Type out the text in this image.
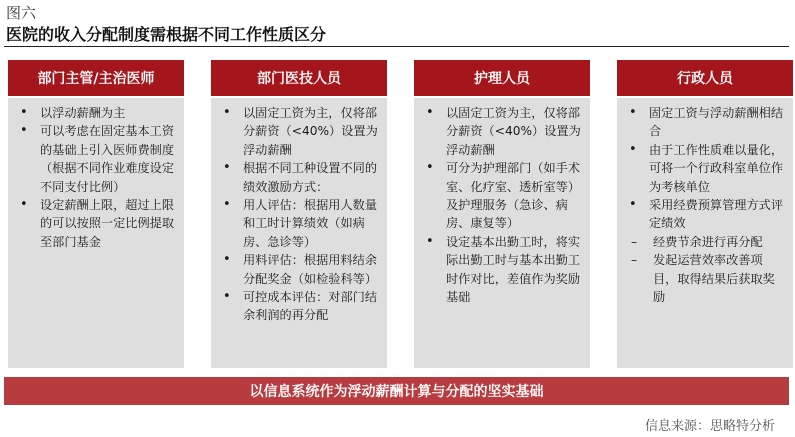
图六
医院的收入分配制度需根据不同工作性质区分
部门主管/主治医师
• 以浮动薪酬为主
• 可以考虑在固定基本工资的基础上引入医师费制度（根据不同作业难度设定不同支付比例）
• 设定薪酬上限，超过上限的可以按照一定比例提取至部门基金
部门医技人员
• 以固定工资为主，仅将部分薪资（<40%）设置为浮动薪酬
• 根据不同工种设置不同的绩效激励方式：
• 用人评估：根据用人数量和工时计算绩效（如病房、急诊等）
• 用料评估：根据用料结余分配奖金（如检验科等）
• 可控成本评估：对部门结余利润的再分配
护理人员
• 以固定工资为主，仅将部分薪资（<40%）设置为浮动薪酬
• 可分为护理部门（如手术室、化疗室、透析室等）及护理服务（急诊、病房、康复等）
• 设定基本出勤工时，将实际出勤工时与基本出勤工时作对比，差值作为奖励基础
行政人员
• 固定工资与浮动薪酬相结合
• 由于工作性质难以量化，可将一个行政科室单位作为考核单位
• 采用经费预算管理方式评定绩效
– 经费节余进行再分配
– 发起运营效率改善项目，取得结果后获取奖励
以信息系统作为浮动薪酬计算与分配的坚实基础
信息来源：思略特分析
